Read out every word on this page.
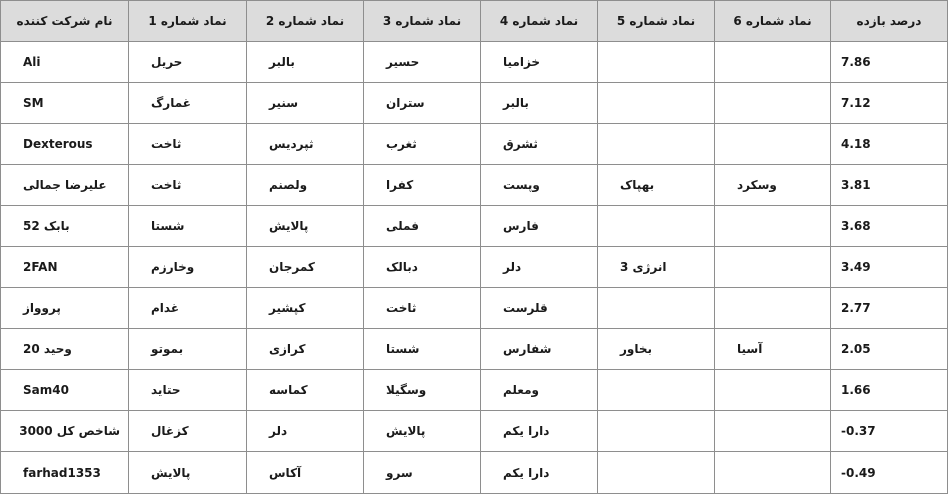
نام شرکت کننده	نماد شماره 1	نماد شماره 2	نماد شماره 3	نماد شماره 4	نماد شماره 5	نماد شماره 6	درصد بازده
Ali	حریل	بالبر	حسیر	خزامیا			7.86
SM	غمارگ	سنیر	ستران	بالبر			7.12
Dexterous	ثاخت	ثپردیس	ثغرب	ثشرق			4.18
علیرضا جمالی	ثاخت	ولصنم	کفرا	وپست	بهپاک	وسکرد	3.81
بابک 52	شستا	پالایش	فملی	فارس			3.68
2FAN	وخارزم	کمرجان	دبالک	دلر	انرژی 3		3.49
پروواز	غدام	کپشیر	ثاخت	قلرست			2.77
وحید 20	بموتو	کرازی	شستا	شفارس	بخاور	آسیا	2.05
Sam40	حتاید	کماسه	وسگیلا	ومعلم			1.66
شاخص کل 3000	کزغال	دلر	پالایش	دارا یکم			-0.37
farhad1353	پالایش	آکاس	سرو	دارا یکم			-0.49
